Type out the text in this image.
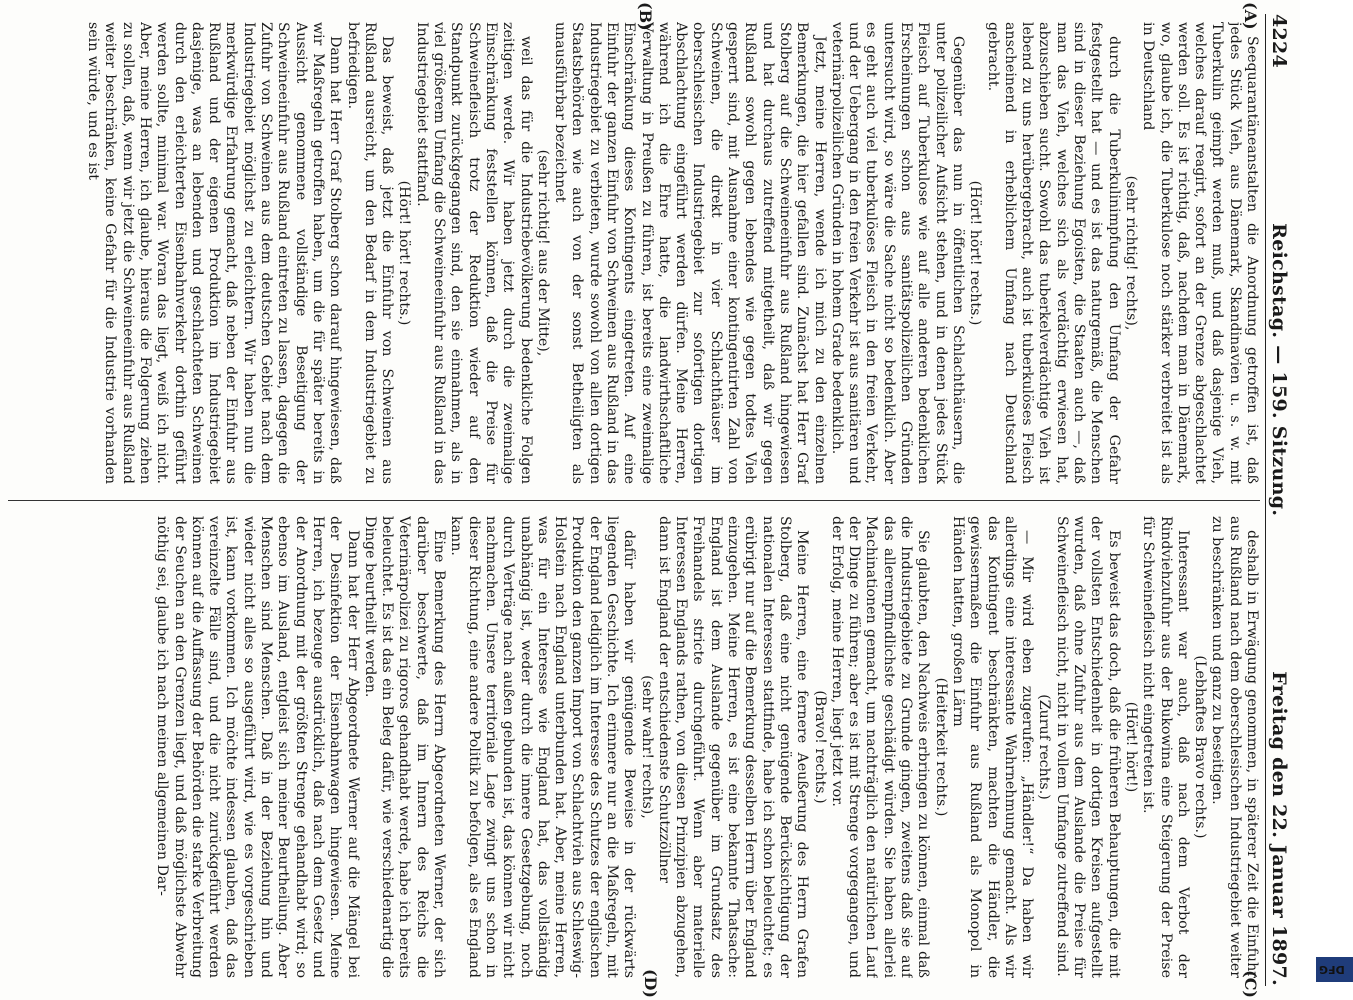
4224
Reichstag. — 159. Sitzung.
Freitag den 22. Januar 1897.
(A)
(B)
(C)
(D)

Seequarantäneanstalten die Anordnung getroffen ist, daß jedes Stück Vieh, aus Dänemark, Skandinavien u. s. w. mit Tuberkulin geimpft werden muß, und daß dasjenige Vieh, welches darauf reagirt, sofort an der Grenze abgeschlachtet werden soll. Es ist richtig, daß, nachdem man in Dänemark, wo, glaube ich, die Tuberkulose noch stärker verbreitet ist als in Deutschland

(sehr richtig! rechts),

durch die Tuberkulinimpfung den Umfang der Gefahr festgestellt hat — und es ist das naturgemäß, die Menschen sind in dieser Beziehung Egoisten, die Staaten auch —, daß man das Vieh, welches sich als verdächtig erwiesen hat, abzuschieben sucht. Sowohl das tuberkelverdächtige Vieh ist lebend zu uns herübergebracht, auch ist tuberkulöses Fleisch anscheinend in erheblichem Umfang nach Deutschland gebracht.

(Hört! hört! rechts.)

Gegenüber das nun in öffentlichen Schlachthäusern, die unter polizeilicher Aufsicht stehen, und in denen jedes Stück Fleisch auf Tuberkulose wie auf alle anderen bedenklichen Erscheinungen schon aus sanitätspolizeilichen Gründen untersucht wird, so wäre die Sache nicht so bedenklich. Aber es geht auch viel tuberkulöses Fleisch in den freien Verkehr, und der Uebergang in den freien Verkehr ist aus sanitären und veterinärpolizeilichen Gründen in hohem Grade bedenklich.

Jetzt, meine Herren, wende ich mich zu den einzelnen Bemerkungen, die hier gefallen sind. Zunächst hat Herr Graf Stolberg auf die Schweineeinfuhr aus Rußland hingewiesen und hat durchaus zutreffend mitgetheilt, daß wir gegen Rußland sowohl gegen lebendes wie gegen todtes Vieh gesperrt sind, mit Ausnahme einer kontingentirten Zahl von Schweinen, die direkt in vier Schlachthäuser im oberschlesischen Industriegebiet zur sofortigen dortigen Abschlachtung eingeführt werden dürfen. Meine Herren, während ich die Ehre hatte, die landwirthschaftliche Verwaltung in Preußen zu führen, ist bereits eine zweimalige Einschränkung dieses Kontingents eingetreten. Auf eine Einfuhr der ganzen Einfuhr von Schweinen aus Rußland in das Industriegebiet zu verbieten, wurde sowohl von allen dortigen Staatsbehörden wie auch von der sonst Betheiligten als unausführbar bezeichnet

(sehr richtig! aus der Mitte),

weil das für die Industriebevölkerung bedenkliche Folgen zeitigen werde. Wir haben jetzt durch die zweimalige Einschränkung feststellen können, daß die Preise für Schweinefleisch trotz der Reduktion wieder auf den Standpunkt zurückgegangen sind, den sie einnahmen, als in viel größerem Umfang die Schweineeinfuhr aus Rußland in das Industriegebiet stattfand.

(Hört! hört! rechts.)

Das beweist, daß jetzt die Einfuhr von Schweinen aus Rußland ausreicht, um den Bedarf in dem Industriegebiet zu befriedigen.

Dann hat Herr Graf Stolberg schon darauf hingewiesen, daß wir Maßregeln getroffen haben, um die für später bereits in Aussicht genommene vollständige Beseitigung der Schweineeinfuhr aus Rußland eintreten zu lassen, dagegen die Zufuhr von Schweinen aus dem deutschen Gebiet nach dem Industriegebiet möglichst zu erleichtern. Wir haben nun die merkwürdige Erfahrung gemacht, daß neben der Einfuhr aus Rußland und der eigenen Produktion im Industriegebiet dasjenige, was an lebenden und geschlachteten Schweinen durch den erleichterten Eisenbahnverkehr dorthin geführt werden sollte, minimal war. Woran das liegt, weiß ich nicht. Aber, meine Herren, ich glaube, hieraus die Folgerung ziehen zu sollen, daß, wenn wir jetzt die Schweineeinfuhr aus Rußland weiter beschränken, keine Gefahr für die Industrie vorhanden sein würde, und es ist

deshalb in Erwägung genommen, in späterer Zeit die Einfuhr aus Rußland nach dem oberschlesischen Industriegebiet weiter zu beschränken und ganz zu beseitigen.

(Lebhaftes Bravo rechts.)

Interessant war auch, daß nach dem Verbot der Rindviehzufuhr aus der Bukowina eine Steigerung der Preise für Schweinefleisch nicht eingetreten ist.

(Hört! hört!)

Es beweist das doch, daß die früheren Behauptungen, die mit der vollsten Entschiedenheit in dortigen Kreisen aufgestellt wurden, daß ohne Zufuhr aus dem Auslande die Preise für Schweinefleisch nicht, nicht in vollem Umfange zutreffend sind.

(Zuruf rechts.)

— Mir wird eben zugerufen: „Händler!“ Da haben wir allerdings eine interessante Wahrnehmung gemacht. Als wir das Kontingent beschränkten, machten die Händler, die gewissermaßen die Einfuhr aus Rußland als Monopol in Händen hatten, großen Lärm

(Heiterkeit rechts.)

Sie glaubten, den Nachweis erbringen zu können, einmal daß die Industriegebiete zu Grunde gingen, zweitens daß sie auf das allerempfindlichste geschädigt würden. Sie haben allerlei Machinationen gemacht, um nachträglich den natürlichen Lauf der Dinge zu führen; aber es ist mit Strenge vorgegangen, und der Erfolg, meine Herren, liegt jetzt vor.

(Bravo! rechts.)

Meine Herren, eine fernere Aeußerung des Herrn Grafen Stolberg, daß eine nicht genügende Berücksichtigung der nationalen Interessen stattfinde, habe ich schon beleuchtet; es erübrigt nur auf die Bemerkung desselben Herrn über England einzugehen. Meine Herren, es ist eine bekannte Thatsache: England ist dem Auslande gegenüber im Grundsatz des Freihandels stricte durchgeführt. Wenn aber materielle Interessen Englands rathen, von diesen Prinzipien abzugehen, dann ist England der entschiedenste Schutzzöllner

(sehr wahr! rechts),

dafür haben wir genügende Beweise in der rückwärts liegenden Geschichte. Ich erinnere nur an die Maßregeln, mit der England lediglich im Interesse des Schutzes der englischen Produktion den ganzen Import von Schlachtvieh aus Schleswig-Holstein nach England unterbunden hat. Aber, meine Herren, was für ein Interesse wie England hat, das vollständig unabhängig ist, weder durch die innere Gesetzgebung, noch durch Verträge nach außen gebunden ist, das können wir nicht nachmachen. Unsere territoriale Lage zwingt uns schon in dieser Richtung, eine andere Politik zu befolgen, als es England kann.

Eine Bemerkung des Herrn Abgeordneten Werner, der sich darüber beschwerte, daß im Innern des Reichs die Veterinärpolizei zu rigoros gehandhabt werde, habe ich bereits beleuchtet. Es ist das ein Beleg dafür, wie verschiedenartig die Dinge beurtheilt werden.

Dann hat der Herr Abgeordnete Werner auf die Mängel bei der Desinfektion der Eisenbahnwagen hingewiesen. Meine Herren, ich bezeuge ausdrücklich, daß nach dem Gesetz und der Anordnung mit der größten Strenge gehandhabt wird; so ebenso im Ausland, entgleist sich meiner Beurtheilung. Aber Menschen sind Menschen. Daß in der Beziehung hin und wieder nicht alles so ausgeführt wird, wie es vorgeschrieben ist, kann vorkommen. Ich möchte indessen glauben, daß das vereinzelte Fälle sind, und die nicht zurückgeführt werden können auf die Auffassung der Behörden die starke Verbreitung der Seuchen an den Grenzen liegt, und daß möglichste Abwehr nöthig sei, glaube ich nach meinen allgemeinen Dar-

DFG
